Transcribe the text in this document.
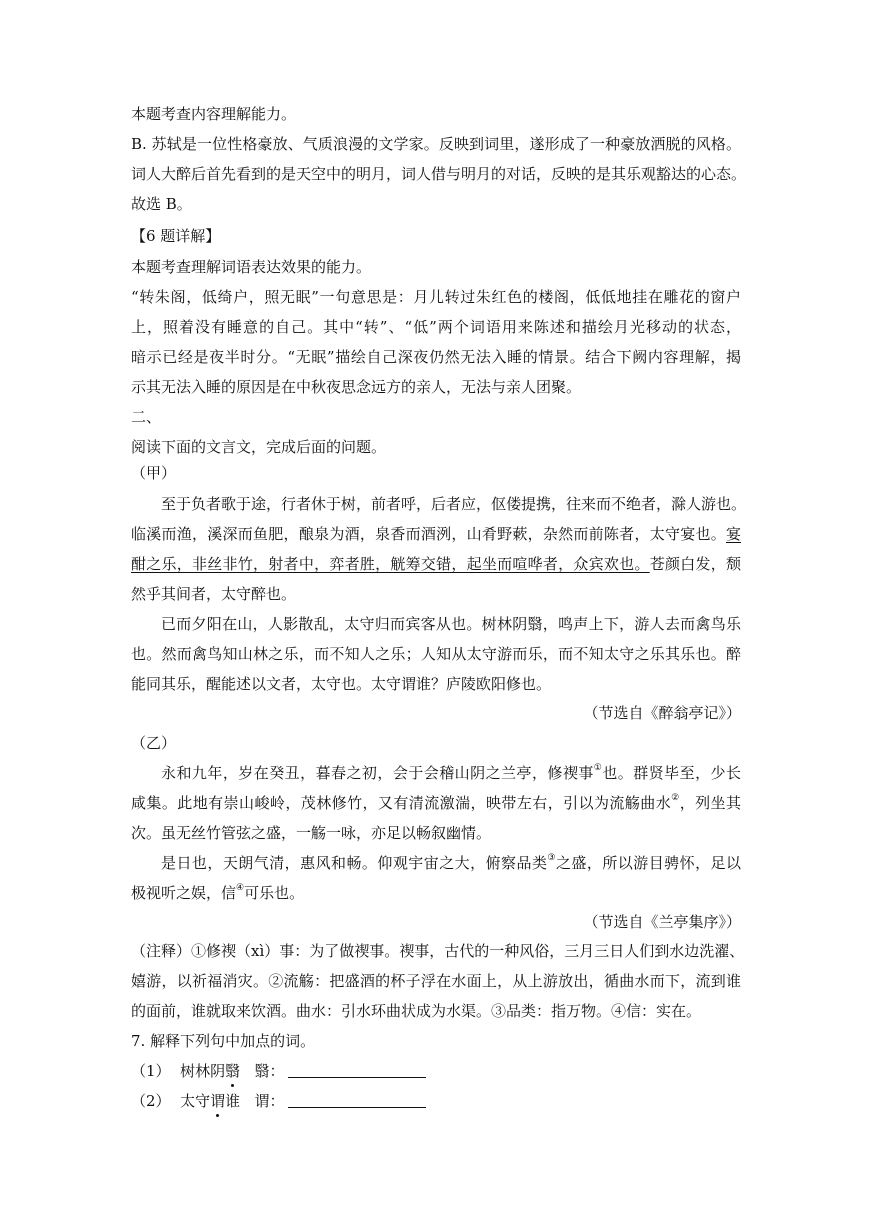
本题考查内容理解能力。
B. 苏轼是一位性格豪放、气质浪漫的文学家。反映到词里，遂形成了一种豪放洒脱的风格。
词人大醉后首先看到的是天空中的明月，词人借与明月的对话，反映的是其乐观豁达的心态。
故选 B。
【6 题详解】
本题考查理解词语表达效果的能力。
“转朱阁，低绮户，照无眠”一句意思是：月儿转过朱红色的楼阁，低低地挂在雕花的窗户
上，照着没有睡意的自己。其中“转”、“低”两个词语用来陈述和描绘月光移动的状态，
暗示已经是夜半时分。“无眠”描绘自己深夜仍然无法入睡的情景。结合下阙内容理解，揭
示其无法入睡的原因是在中秋夜思念远方的亲人，无法与亲人团聚。
二、
阅读下面的文言文，完成后面的问题。
（甲）
至于负者歌于途，行者休于树，前者呼，后者应，伛偻提携，往来而不绝者，滁人游也。
临溪而渔，溪深而鱼肥，酿泉为酒，泉香而酒洌，山肴野蔌，杂然而前陈者，太守宴也。宴
酣之乐，非丝非竹，射者中，弈者胜，觥筹交错，起坐而喧哗者，众宾欢也。苍颜白发，颓
然乎其间者，太守醉也。
已而夕阳在山，人影散乱，太守归而宾客从也。树林阴翳，鸣声上下，游人去而禽鸟乐
也。然而禽鸟知山林之乐，而不知人之乐；人知从太守游而乐，而不知太守之乐其乐也。醉
能同其乐，醒能述以文者，太守也。太守谓谁？庐陵欧阳修也。
（节选自《醉翁亭记》）
（乙）
永和九年，岁在癸丑，暮春之初，会于会稽山阴之兰亭，修禊事①也。群贤毕至，少长
咸集。此地有崇山峻岭，茂林修竹，又有清流激湍，映带左右，引以为流觞曲水②，列坐其
次。虽无丝竹管弦之盛，一觞一咏，亦足以畅叙幽情。
是日也，天朗气清，惠风和畅。仰观宇宙之大，俯察品类③之盛，所以游目骋怀，足以
极视听之娱，信④可乐也。
（节选自《兰亭集序》）
（注释）①修禊（xì）事：为了做禊事。禊事，古代的一种风俗，三月三日人们到水边洗濯、
嬉游，以祈福消灾。②流觞：把盛酒的杯子浮在水面上，从上游放出，循曲水而下，流到谁
的面前，谁就取来饮酒。曲水：引水环曲状成为水渠。③品类：指万物。④信：实在。
7. 解释下列句中加点的词。
（1） 树林阴翳 翳：
（2） 太守谓谁 谓：
